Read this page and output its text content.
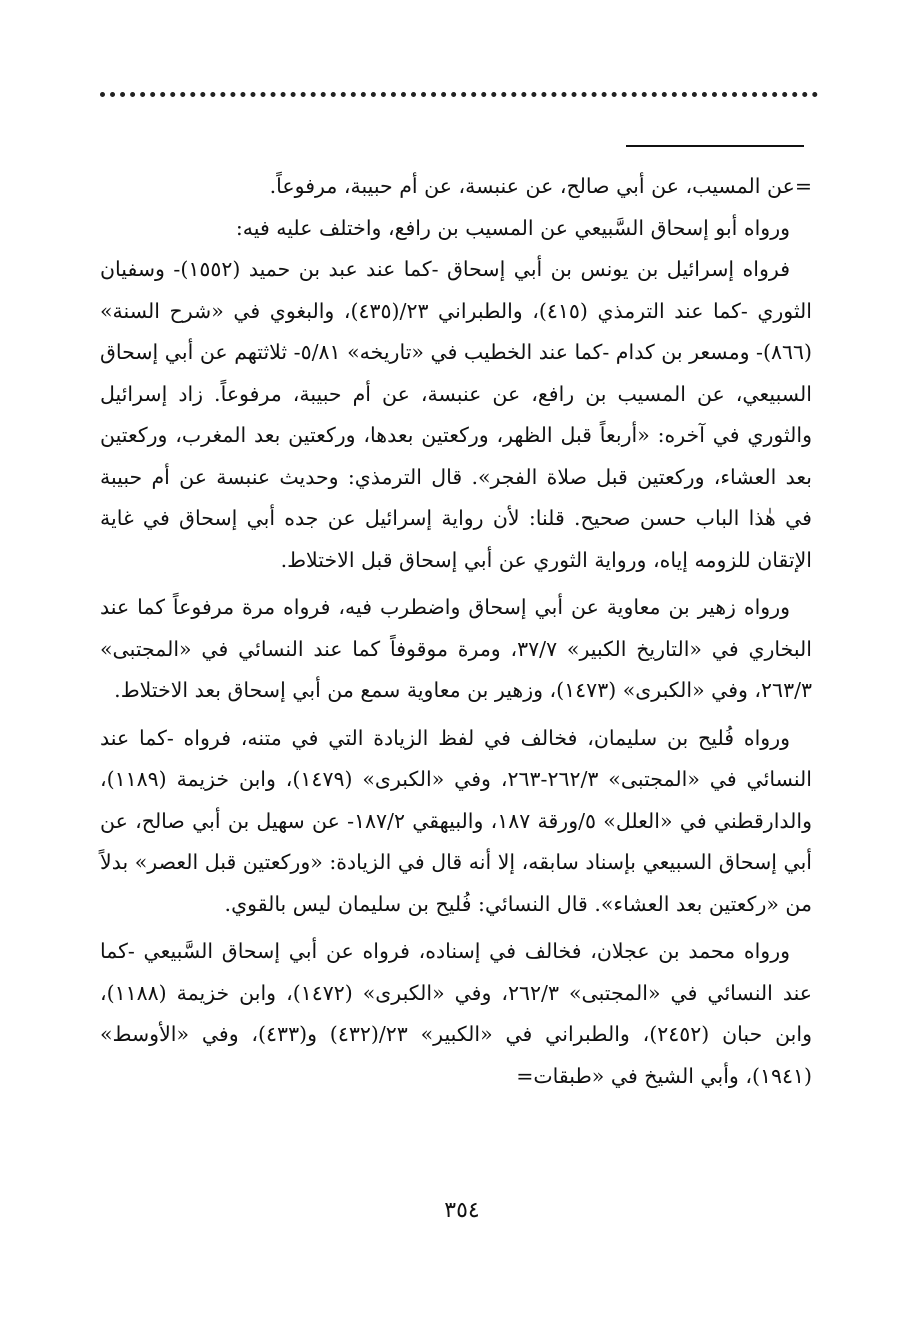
=عن المسيب، عن أبي صالح، عن عنبسة، عن أم حبيبة، مرفوعاً.

ورواه أبو إسحاق السَّبيعي عن المسيب بن رافع، واختلف عليه فيه:

فرواه إسرائيل بن يونس بن أبي إسحاق -كما عند عبد بن حميد (١٥٥٢)- وسفيان الثوري -كما عند الترمذي (٤١٥)، والطبراني ٢٣/(٤٣٥)، والبغوي في «شرح السنة» (٨٦٦)- ومسعر بن كدام -كما عند الخطيب في «تاريخه» ٥/٨١- ثلاثتهم عن أبي إسحاق السبيعي، عن المسيب بن رافع، عن عنبسة، عن أم حبيبة، مرفوعاً. زاد إسرائيل والثوري في آخره: «أربعاً قبل الظهر، وركعتين بعدها، وركعتين بعد المغرب، وركعتين بعد العشاء، وركعتين قبل صلاة الفجر». قال الترمذي: وحديث عنبسة عن أم حبيبة في هٰذا الباب حسن صحيح. قلنا: لأن رواية إسرائيل عن جده أبي إسحاق في غاية الإتقان للزومه إياه، ورواية الثوري عن أبي إسحاق قبل الاختلاط.

ورواه زهير بن معاوية عن أبي إسحاق واضطرب فيه، فرواه مرة مرفوعاً كما عند البخاري في «التاريخ الكبير» ٣٧/٧، ومرة موقوفاً كما عند النسائي في «المجتبى» ٢٦٣/٣، وفي «الكبرى» (١٤٧٣)، وزهير بن معاوية سمع من أبي إسحاق بعد الاختلاط.

ورواه فُليح بن سليمان، فخالف في لفظ الزيادة التي في متنه، فرواه -كما عند النسائي في «المجتبى» ٢٦٢/٣-٢٦٣، وفي «الكبرى» (١٤٧٩)، وابن خزيمة (١١٨٩)، والدارقطني في «العلل» ٥/ورقة ١٨٧، والبيهقي ١٨٧/٢- عن سهيل بن أبي صالح، عن أبي إسحاق السبيعي بإسناد سابقه، إلا أنه قال في الزيادة: «وركعتين قبل العصر» بدلاً من «ركعتين بعد العشاء». قال النسائي: فُليح بن سليمان ليس بالقوي.

ورواه محمد بن عجلان، فخالف في إسناده، فرواه عن أبي إسحاق السَّبيعي -كما عند النسائي في «المجتبى» ٢٦٢/٣، وفي «الكبرى» (١٤٧٢)، وابن خزيمة (١١٨٨)، وابن حبان (٢٤٥٢)، والطبراني في «الكبير» ٢٣/(٤٣٢) و(٤٣٣)، وفي «الأوسط» (١٩٤١)، وأبي الشيخ في «طبقات=

٣٥٤
